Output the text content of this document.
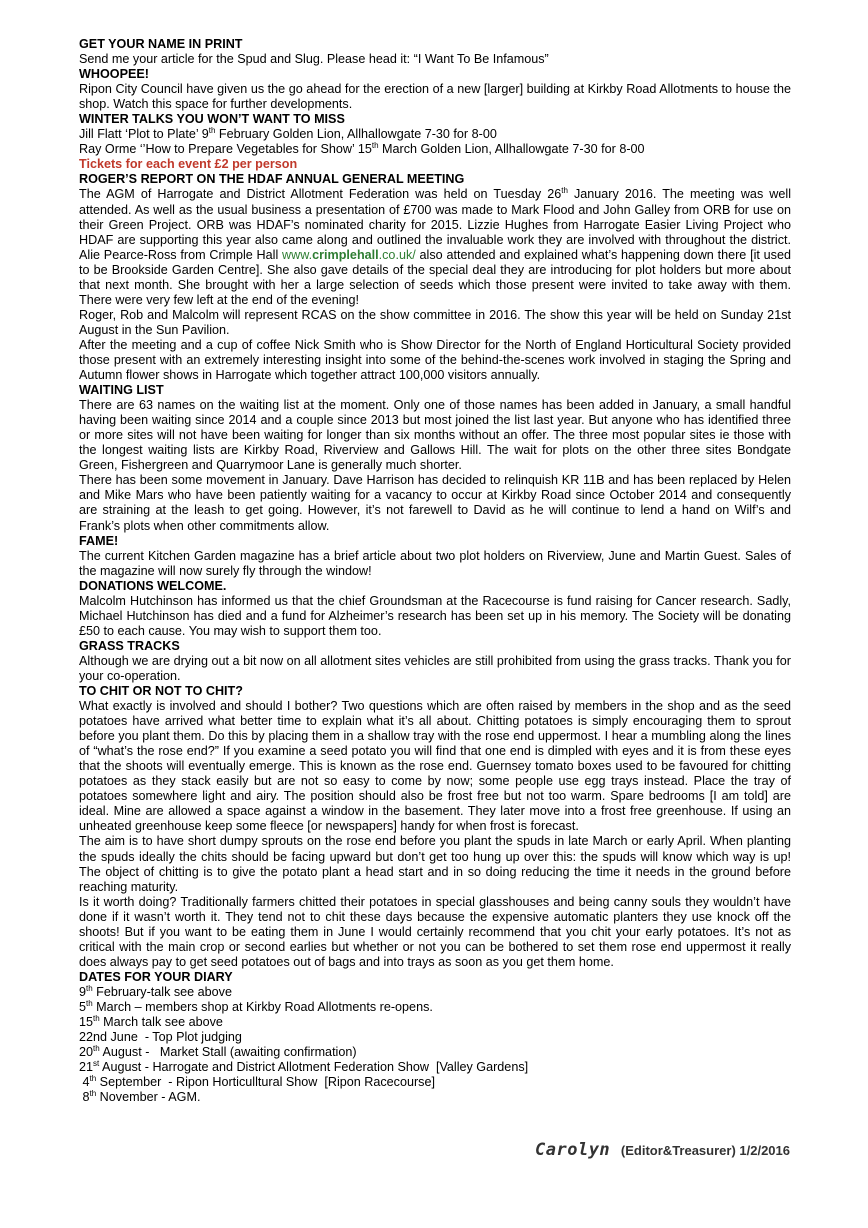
GET YOUR NAME IN PRINT
Send me your article for the Spud and Slug. Please head it: “I Want To Be Infamous”
WHOOPEE!
Ripon City Council have given us the go ahead for the erection of a new [larger] building at Kirkby Road Allotments to house the shop. Watch this space for further developments.
WINTER TALKS YOU WON’T WANT TO MISS
Jill Flatt ‘Plot to Plate’ 9th February Golden Lion, Allhallowgate 7-30 for 8-00
Ray Orme ‘’How to Prepare Vegetables for Show’ 15th March Golden Lion, Allhallowgate 7-30 for 8-00
Tickets for each event £2 per person
ROGER’S REPORT ON THE HDAF ANNUAL GENERAL MEETING
The AGM of Harrogate and District Allotment Federation was held on Tuesday 26th January 2016. The meeting was well attended. As well as the usual business a presentation of £700 was made to Mark Flood and John Galley from ORB for use on their Green Project. ORB was HDAF’s nominated charity for 2015. Lizzie Hughes from Harrogate Easier Living Project who HDAF are supporting this year also came along and outlined the invaluable work they are involved with throughout the district. Alie Pearce-Ross from Crimple Hall www.crimplehall.co.uk/ also attended and explained what’s happening down there [it used to be Brookside Garden Centre]. She also gave details of the special deal they are introducing for plot holders but more about that next month. She brought with her a large selection of seeds which those present were invited to take away with them. There were very few left at the end of the evening!
Roger, Rob and Malcolm will represent RCAS on the show committee in 2016. The show this year will be held on Sunday 21st August in the Sun Pavilion.
After the meeting and a cup of coffee Nick Smith who is Show Director for the North of England Horticultural Society provided those present with an extremely interesting insight into some of the behind-the-scenes work involved in staging the Spring and Autumn flower shows in Harrogate which together attract 100,000 visitors annually.
WAITING LIST
There are 63 names on the waiting list at the moment. Only one of those names has been added in January, a small handful having been waiting since 2014 and a couple since 2013 but most joined the list last year. But anyone who has identified three or more sites will not have been waiting for longer than six months without an offer. The three most popular sites ie those with the longest waiting lists are Kirkby Road, Riverview and Gallows Hill. The wait for plots on the other three sites Bondgate Green, Fishergreen and Quarrymoor Lane is generally much shorter.
There has been some movement in January. Dave Harrison has decided to relinquish KR 11B and has been replaced by Helen and Mike Mars who have been patiently waiting for a vacancy to occur at Kirkby Road since October 2014 and consequently are straining at the leash to get going. However, it’s not farewell to David as he will continue to lend a hand on Wilf’s and Frank’s plots when other commitments allow.
FAME!
The current Kitchen Garden magazine has a brief article about two plot holders on Riverview, June and Martin Guest. Sales of the magazine will now surely fly through the window!
DONATIONS WELCOME.
Malcolm Hutchinson has informed us that the chief Groundsman at the Racecourse is fund raising for Cancer research. Sadly, Michael Hutchinson has died and a fund for Alzheimer’s research has been set up in his memory. The Society will be donating £50 to each cause. You may wish to support them too.
GRASS TRACKS
Although we are drying out a bit now on all allotment sites vehicles are still prohibited from using the grass tracks. Thank you for your co-operation.
TO CHIT OR NOT TO CHIT?
What exactly is involved and should I bother? Two questions which are often raised by members in the shop and as the seed potatoes have arrived what better time to explain what it’s all about. Chitting potatoes is simply encouraging them to sprout before you plant them. Do this by placing them in a shallow tray with the rose end uppermost. I hear a mumbling along the lines of “what’s the rose end?” If you examine a seed potato you will find that one end is dimpled with eyes and it is from these eyes that the shoots will eventually emerge. This is known as the rose end. Guernsey tomato boxes used to be favoured for chitting potatoes as they stack easily but are not so easy to come by now; some people use egg trays instead. Place the tray of potatoes somewhere light and airy. The position should also be frost free but not too warm. Spare bedrooms [I am told] are ideal. Mine are allowed a space against a window in the basement. They later move into a frost free greenhouse. If using an unheated greenhouse keep some fleece [or newspapers] handy for when frost is forecast.
The aim is to have short dumpy sprouts on the rose end before you plant the spuds in late March or early April. When planting the spuds ideally the chits should be facing upward but don’t get too hung up over this: the spuds will know which way is up! The object of chitting is to give the potato plant a head start and in so doing reducing the time it needs in the ground before reaching maturity.
Is it worth doing? Traditionally farmers chitted their potatoes in special glasshouses and being canny souls they wouldn’t have done if it wasn’t worth it. They tend not to chit these days because the expensive automatic planters they use knock off the shoots! But if you want to be eating them in June I would certainly recommend that you chit your early potatoes. It’s not as critical with the main crop or second earlies but whether or not you can be bothered to set them rose end uppermost it really does always pay to get seed potatoes out of bags and into trays as soon as you get them home.
DATES FOR YOUR DIARY
9th February-talk see above
5th March – members shop at Kirkby Road Allotments re-opens.
15th March talk see above
22nd June  - Top Plot judging
20th August -   Market Stall (awaiting confirmation)
21st August - Harrogate and District Allotment Federation Show  [Valley Gardens]
4th September  - Ripon Horticulltural Show  [Ripon Racecourse]
8th November - AGM.
Carolyn (Editor&Treasurer) 1/2/2016
